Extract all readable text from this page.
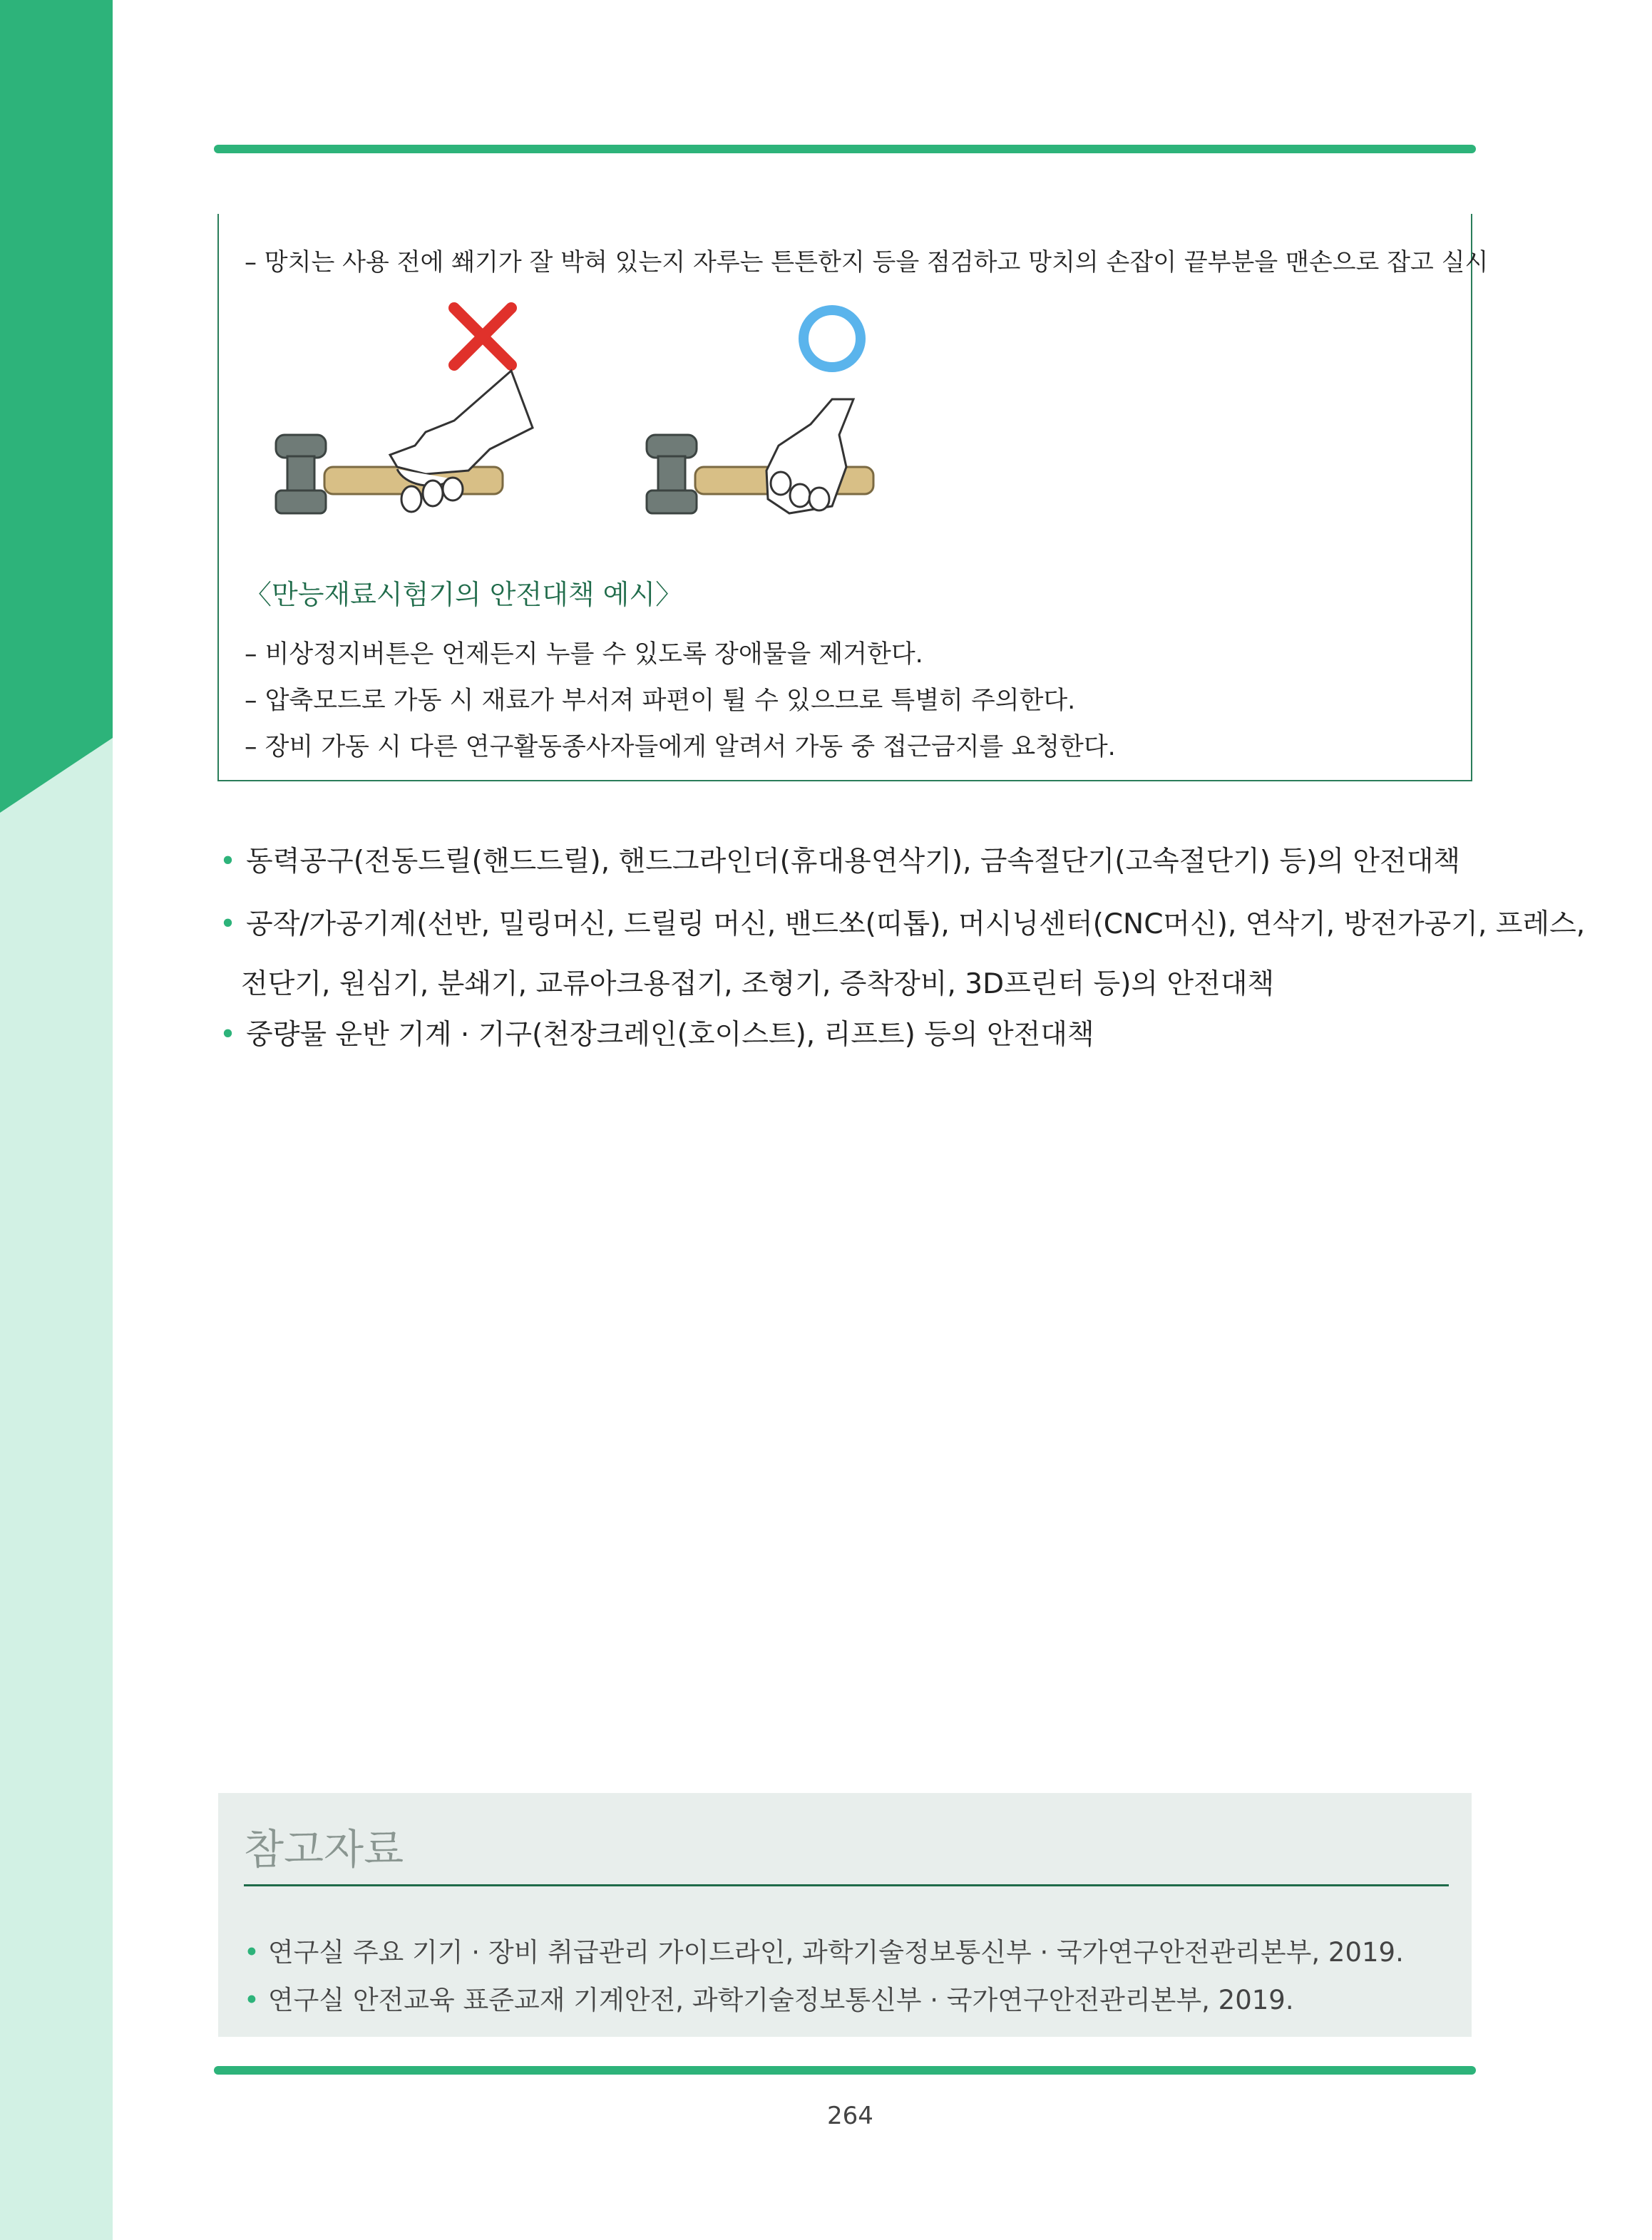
– 망치는 사용 전에 쐐기가 잘 박혀 있는지 자루는 튼튼한지 등을 점검하고 망치의 손잡이 끝부분을 맨손으로 잡고 실시
〈만능재료시험기의 안전대책 예시〉
– 비상정지버튼은 언제든지 누를 수 있도록 장애물을 제거한다.
– 압축모드로 가동 시 재료가 부서져 파편이 튈 수 있으므로 특별히 주의한다.
– 장비 가동 시 다른 연구활동종사자들에게 알려서 가동 중 접근금지를 요청한다.
• 동력공구(전동드릴(핸드드릴), 핸드그라인더(휴대용연삭기), 금속절단기(고속절단기) 등)의 안전대책
• 공작/가공기계(선반, 밀링머신, 드릴링 머신, 밴드쏘(띠톱), 머시닝센터(CNC머신), 연삭기, 방전가공기, 프레스,
전단기, 원심기, 분쇄기, 교류아크용접기, 조형기, 증착장비, 3D프린터 등)의 안전대책
• 중량물 운반 기계 · 기구(천장크레인(호이스트), 리프트) 등의 안전대책
참고자료
• 연구실 주요 기기 · 장비 취급관리 가이드라인, 과학기술정보통신부 · 국가연구안전관리본부, 2019.
• 연구실 안전교육 표준교재 기계안전, 과학기술정보통신부 · 국가연구안전관리본부, 2019.
264
